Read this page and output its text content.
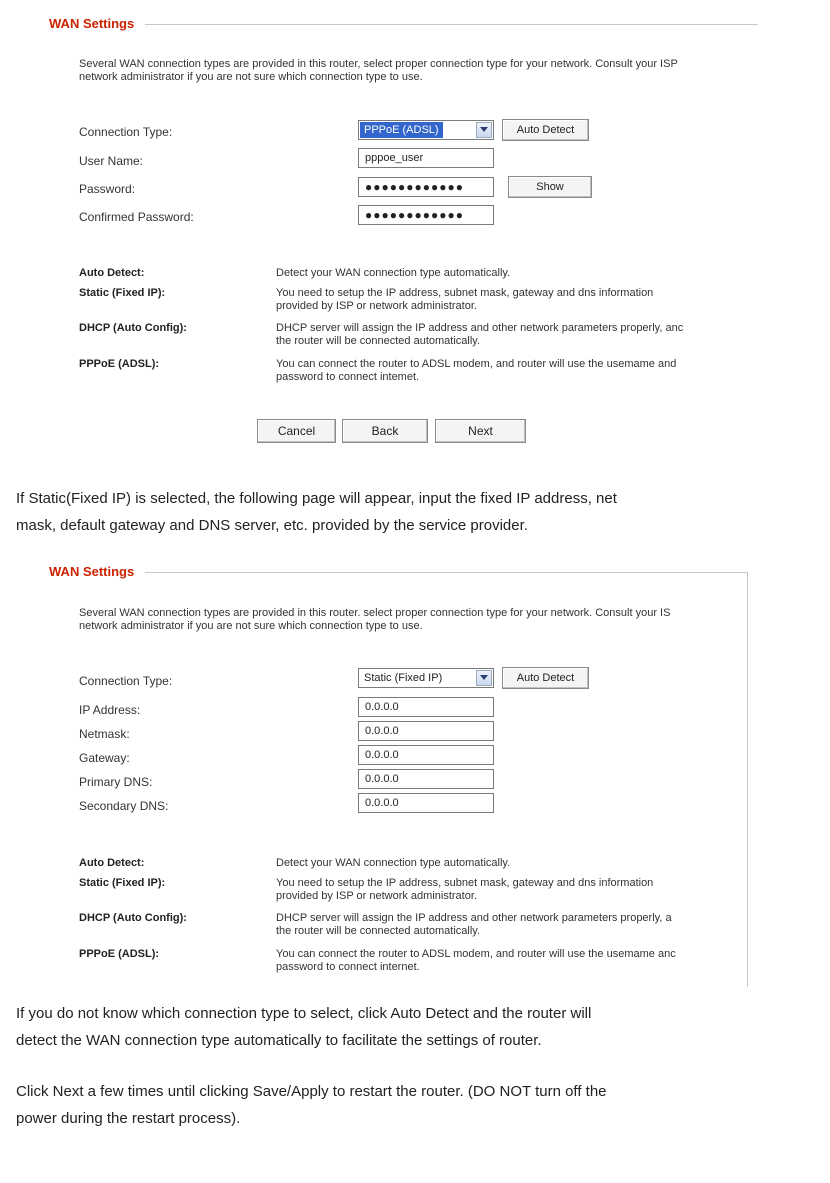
WAN Settings
Several WAN connection types are provided in this router, select proper connection type for your network. Consult your ISP
network administrator if you are not sure which connection type to use.
Connection Type:	PPPoE (ADSL)	Auto Detect
User Name:	pppoe_user
Password:	●●●●●●●●●●●●	Show
Confirmed Password:	●●●●●●●●●●●●
Auto Detect:	Detect your WAN connection type automatically.
Static (Fixed IP):	You need to setup the IP address, subnet mask, gateway and dns information
provided by ISP or network administrator.
DHCP (Auto Config):	DHCP server will assign the IP address and other network parameters properly, anc
the router will be connected automatically.
PPPoE (ADSL):	You can connect the router to ADSL modem, and router will use the usemame and
password to connect intemet.
Cancel	Back	Next
If Static(Fixed IP) is selected, the following page will appear, input the fixed IP address, net
mask, default gateway and DNS server, etc. provided by the service provider.
WAN Settings
Several WAN connection types are provided in this router. select proper connection type for your network. Consult your IS
network administrator if you are not sure which connection type to use.
Connection Type:	Static (Fixed IP)	Auto Detect
IP Address:	0.0.0.0
Netmask:	0.0.0.0
Gateway:	0.0.0.0
Primary DNS:	0.0.0.0
Secondary DNS:	0.0.0.0
Auto Detect:	Detect your WAN connection type automatically.
Static (Fixed IP):	You need to setup the IP address, subnet mask, gateway and dns information
provided by ISP or network administrator.
DHCP (Auto Config):	DHCP server will assign the IP address and other network parameters properly, a
the router will be connected automatically.
PPPoE (ADSL):	You can connect the router to ADSL modem, and router will use the usemame anc
password to connect internet.
If you do not know which connection type to select, click Auto Detect and the router will
detect the WAN connection type automatically to facilitate the settings of router.
Click Next a few times until clicking Save/Apply to restart the router. (DO NOT turn off the
power during the restart process).
